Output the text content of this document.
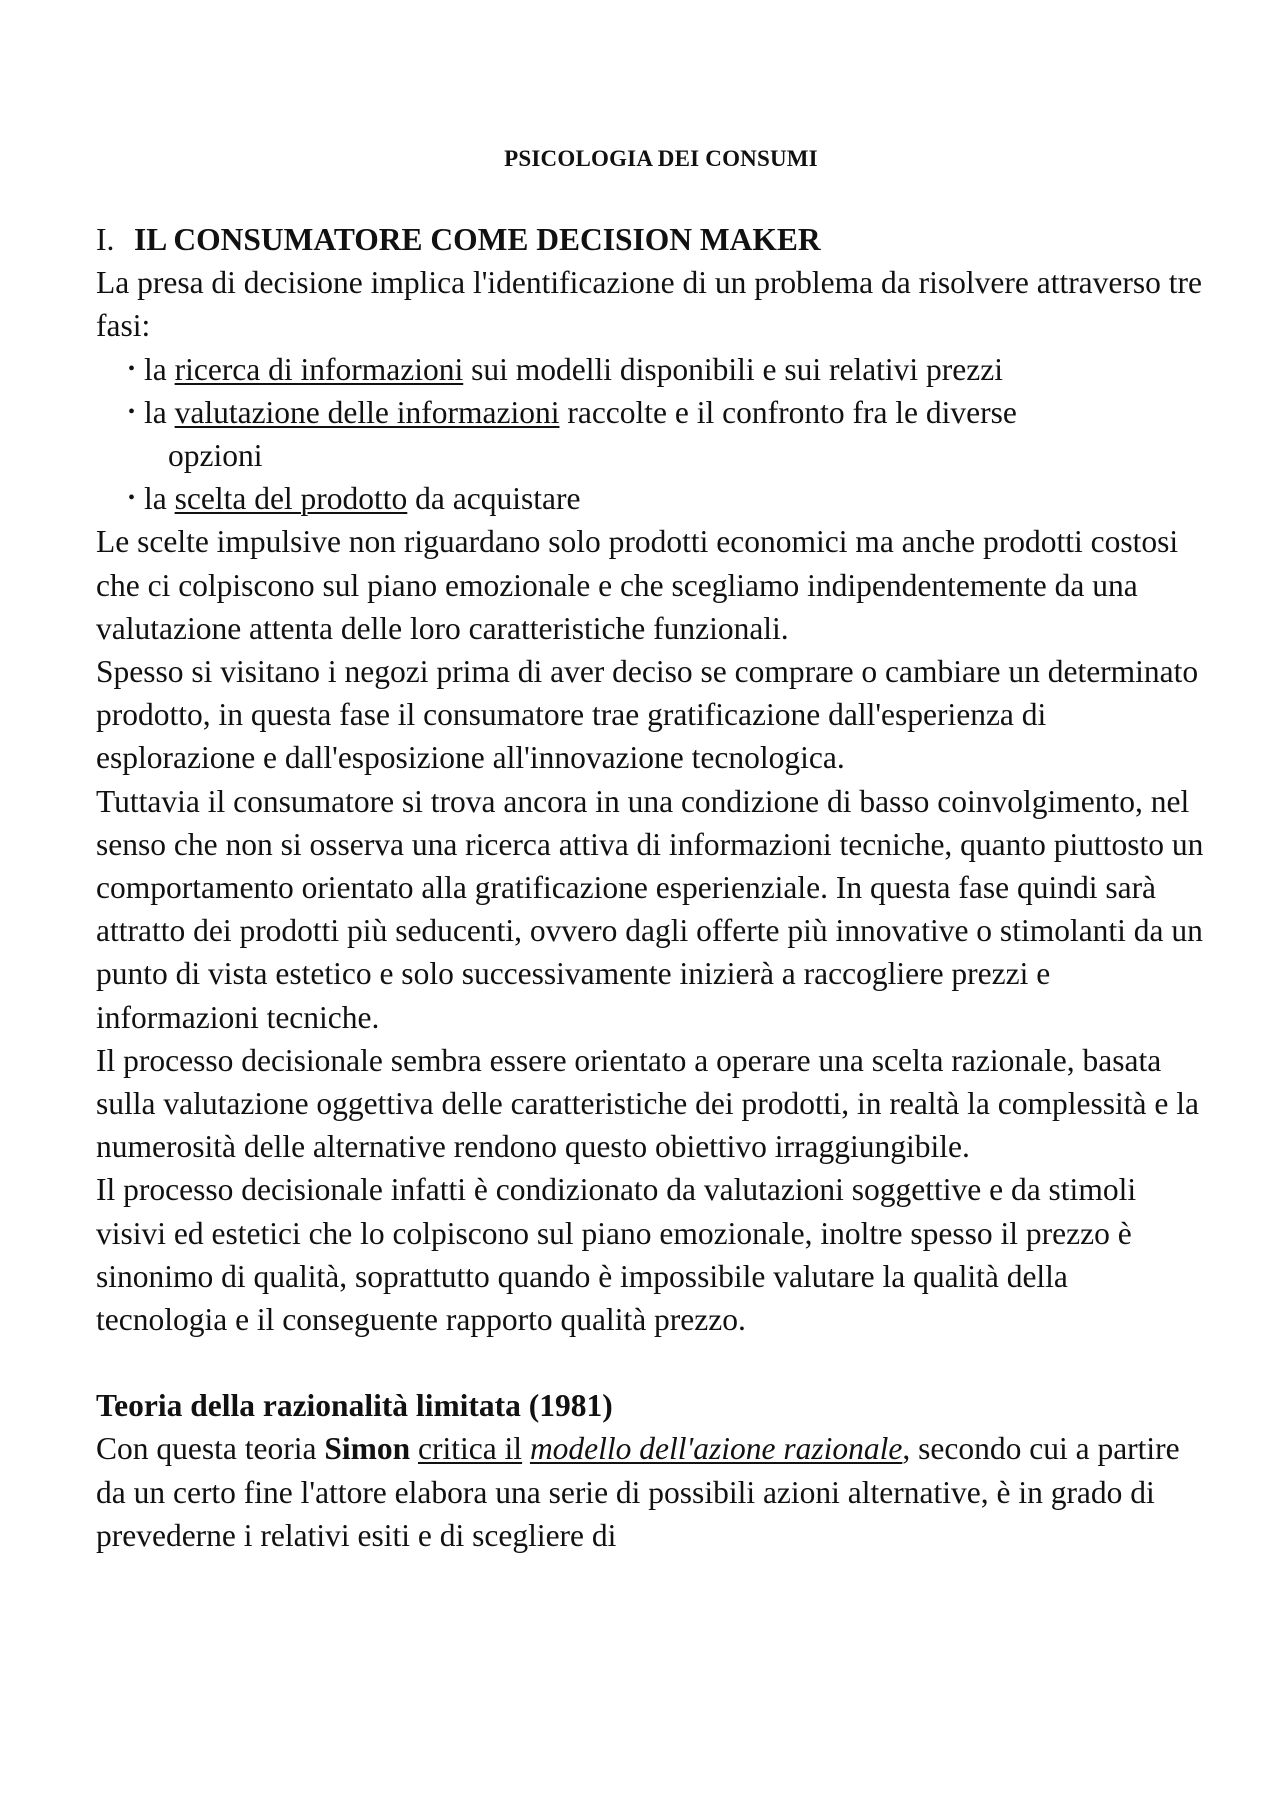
PSICOLOGIA DEI CONSUMI
I. IL CONSUMATORE COME DECISION MAKER

La presa di decisione implica l'identificazione di un problema da risolvere attraverso tre fasi:

• la ricerca di informazioni sui modelli disponibili e sui relativi prezzi
• la valutazione delle informazioni raccolte e il confronto fra le diverse
opzioni
• la scelta del prodotto da acquistare

Le scelte impulsive non riguardano solo prodotti economici ma anche prodotti costosi che ci colpiscono sul piano emozionale e che scegliamo indipendentemente da una valutazione attenta delle loro caratteristiche funzionali.

Spesso si visitano i negozi prima di aver deciso se comprare o cambiare un determinato prodotto, in questa fase il consumatore trae gratificazione dall'esperienza di esplorazione e dall'esposizione all'innovazione tecnologica.

Tuttavia il consumatore si trova ancora in una condizione di basso coinvolgimento, nel senso che non si osserva una ricerca attiva di informazioni tecniche, quanto piuttosto un comportamento orientato alla gratificazione esperienziale. In questa fase quindi sarà attratto dei prodotti più seducenti, ovvero dagli offerte più innovative o stimolanti da un punto di vista estetico e solo successivamente inizierà a raccogliere prezzi e informazioni tecniche.

Il processo decisionale sembra essere orientato a operare una scelta razionale, basata sulla valutazione oggettiva delle caratteristiche dei prodotti, in realtà la complessità e la numerosità delle alternative rendono questo obiettivo irraggiungibile.

Il processo decisionale infatti è condizionato da valutazioni soggettive e da stimoli visivi ed estetici che lo colpiscono sul piano emozionale, inoltre spesso il prezzo è sinonimo di qualità, soprattutto quando è impossibile valutare la qualità della tecnologia e il conseguente rapporto qualità prezzo.

Teoria della razionalità limitata (1981)

Con questa teoria Simon critica il modello dell'azione razionale, secondo cui a partire da un certo fine l'attore elabora una serie di possibili azioni alternative, è in grado di prevederne i relativi esiti e di scegliere di
